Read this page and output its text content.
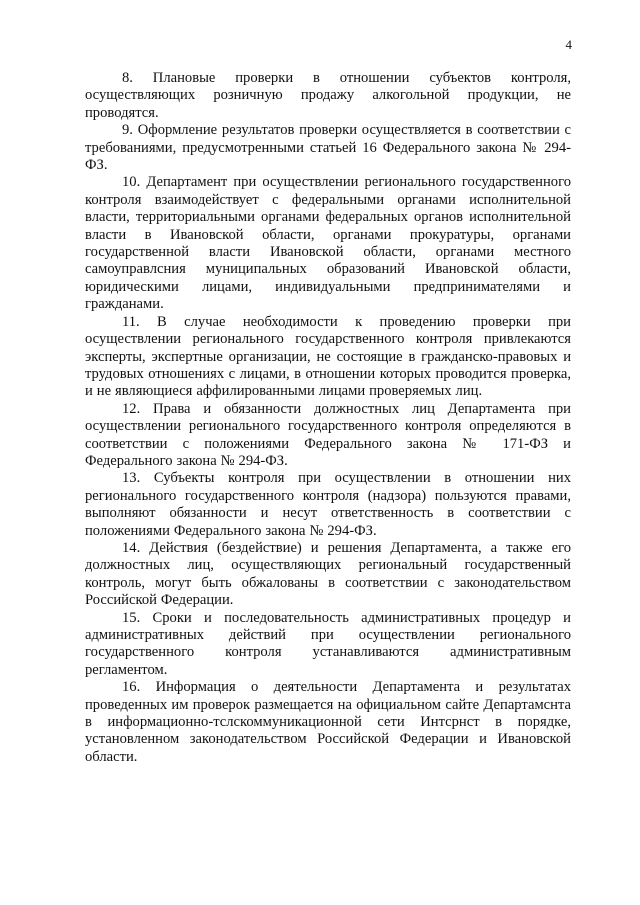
4

8. Плановые проверки в отношении субъектов контроля, осуществляющих розничную продажу алкогольной продукции, не проводятся.

9. Оформление результатов проверки осуществляется в соответствии с требованиями, предусмотренными статьей 16 Федерального закона № 294-ФЗ.

10. Департамент при осуществлении регионального государственного контроля взаимодействует с федеральными органами исполнительной власти, территориальными органами федеральных органов исполнительной власти в Ивановской области, органами прокуратуры, органами государственной власти Ивановской области, органами местного самоуправлсния муниципальных образований Ивановской области, юридическими лицами, индивидуальными предпринимателями и гражданами.

11. В случае необходимости к проведению проверки при осуществлении регионального государственного контроля привлекаются эксперты, экспертные организации, не состоящие в гражданско-правовых и трудовых отношениях с лицами, в отношении которых проводится проверка, и не являющиеся аффилированными лицами проверяемых лиц.

12. Права и обязанности должностных лиц Департамента при осуществлении регионального государственного контроля определяются в соответствии с положениями Федерального закона № 171-ФЗ и Федерального закона № 294-ФЗ.

13. Субъекты контроля при осуществлении в отношении них регионального государственного контроля (надзора) пользуются правами, выполняют обязанности и несут ответственность в соответствии с положениями Федерального закона № 294-ФЗ.

14. Действия (бездействие) и решения Департамента, а также его должностных лиц, осуществляющих региональный государственный контроль, могут быть обжалованы в соответствии с законодательством Российской Федерации.

15. Сроки и последовательность административных процедур и административных действий при осуществлении регионального государственного контроля устанавливаются административным регламентом.

16. Информация о деятельности Департамента и результатах проведенных им проверок размещается на официальном сайте Департамснта в информационно-тслскоммуникационной сети Интсрнст в порядке, установленном законодательством Российской Федерации и Ивановской области.
